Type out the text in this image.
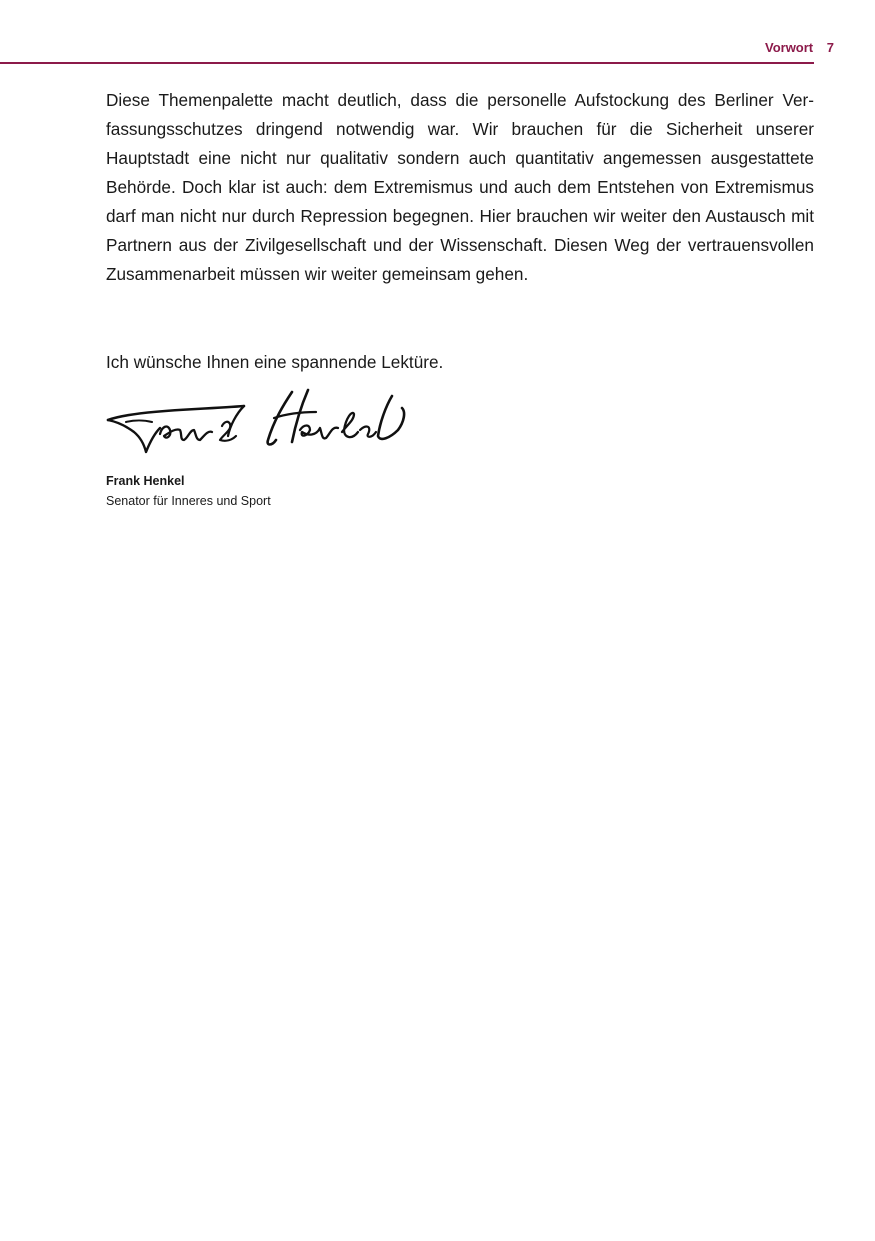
Vorwort 7

Diese Themenpalette macht deutlich, dass die personelle Aufstockung des Berliner Verfassungsschutzes dringend notwendig war. Wir brauchen für die Sicherheit unserer Hauptstadt eine nicht nur qualitativ sondern auch quantitativ angemessen ausgestattete Behörde. Doch klar ist auch: dem Extremismus und auch dem Entstehen von Extremismus darf man nicht nur durch Repression begegnen. Hier brauchen wir weiter den Austausch mit Partnern aus der Zivilgesellschaft und der Wissenschaft. Diesen Weg der vertrauensvollen Zusammenarbeit müssen wir weiter gemeinsam gehen.

Ich wünsche Ihnen eine spannende Lektüre.

Frank Henkel
Senator für Inneres und Sport
